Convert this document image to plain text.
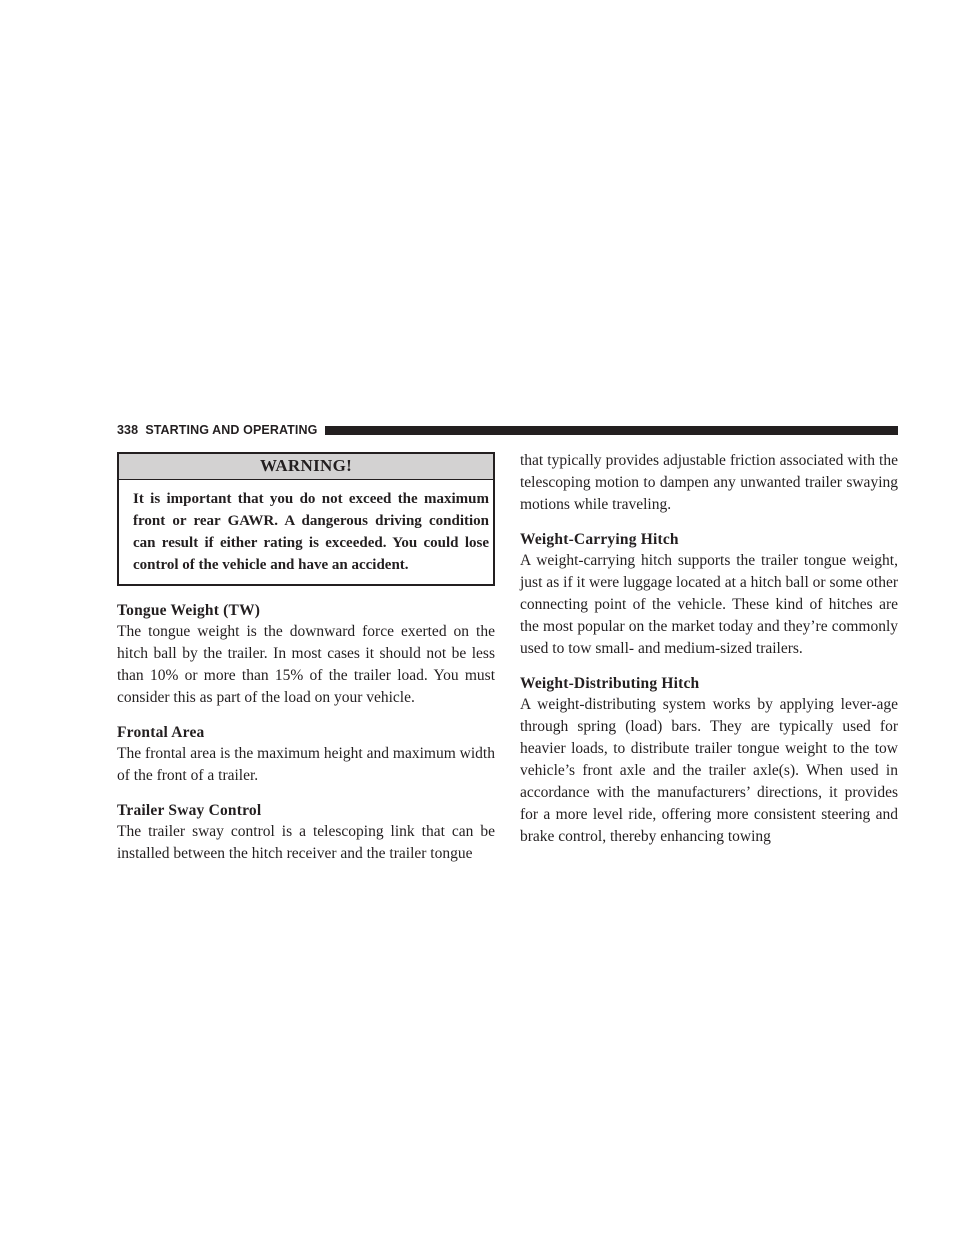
338 STARTING AND OPERATING
WARNING!
It is important that you do not exceed the maximum front or rear GAWR. A dangerous driving condition can result if either rating is exceeded. You could lose control of the vehicle and have an accident.
Tongue Weight (TW)
The tongue weight is the downward force exerted on the hitch ball by the trailer. In most cases it should not be less than 10% or more than 15% of the trailer load. You must consider this as part of the load on your vehicle.
Frontal Area
The frontal area is the maximum height and maximum width of the front of a trailer.
Trailer Sway Control
The trailer sway control is a telescoping link that can be installed between the hitch receiver and the trailer tongue
that typically provides adjustable friction associated with the telescoping motion to dampen any unwanted trailer swaying motions while traveling.
Weight-Carrying Hitch
A weight-carrying hitch supports the trailer tongue weight, just as if it were luggage located at a hitch ball or some other connecting point of the vehicle. These kind of hitches are the most popular on the market today and they’re commonly used to tow small- and medium-sized trailers.
Weight-Distributing Hitch
A weight-distributing system works by applying lever-age through spring (load) bars. They are typically used for heavier loads, to distribute trailer tongue weight to the tow vehicle’s front axle and the trailer axle(s). When used in accordance with the manufacturers’ directions, it provides for a more level ride, offering more consistent steering and brake control, thereby enhancing towing
